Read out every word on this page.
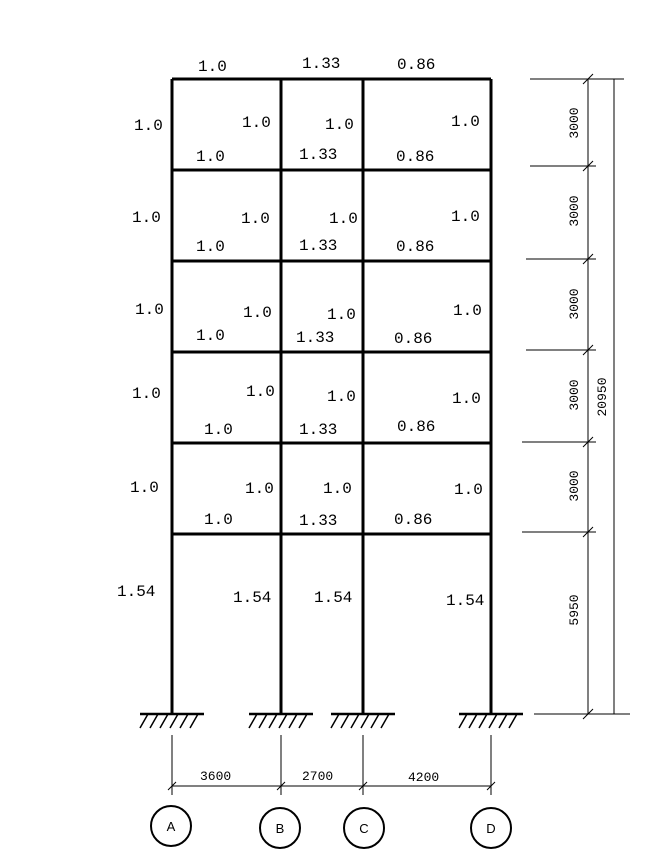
1.0	1.33	0.86
1.0	1.33	0.86
1.0	1.33	0.86
1.0	1.33	0.86
1.0	1.33	0.86
1.0	1.33	0.86
1.0	1.0	1.0	1.0
1.0	1.0	1.0	1.0
1.0	1.0	1.0	1.0
1.0	1.0	1.0	1.0
1.0	1.0	1.0	1.0
1.54	1.54	1.54	1.54
3000
3000
3000
3000
3000
5950
20950
3600	2700	4200
A	B	C	D
